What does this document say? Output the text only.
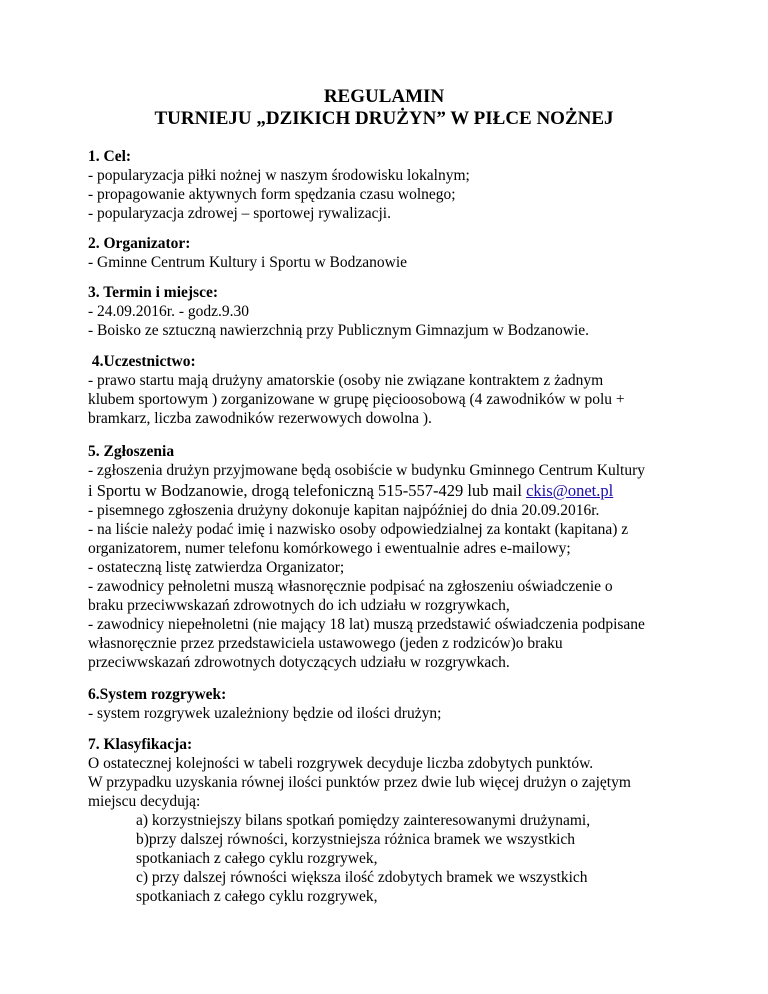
REGULAMIN
TURNIEJU „DZIKICH DRUŻYN” W PIŁCE NOŻNEJ
1. Cel:
- popularyzacja piłki nożnej w naszym środowisku lokalnym;
- propagowanie aktywnych form spędzania czasu wolnego;
- popularyzacja zdrowej – sportowej rywalizacji.
2. Organizator:
- Gminne Centrum Kultury i Sportu w Bodzanowie
3. Termin i miejsce:
- 24.09.2016r. - godz.9.30
- Boisko ze sztuczną nawierzchnią przy Publicznym Gimnazjum w Bodzanowie.
4.Uczestnictwo:
- prawo startu mają drużyny amatorskie (osoby nie związane kontraktem z żadnym
klubem sportowym ) zorganizowane w grupę pięcioosobową (4 zawodników w polu +
bramkarz, liczba zawodników rezerwowych dowolna ).
5. Zgłoszenia
- zgłoszenia drużyn przyjmowane będą osobiście w budynku Gminnego Centrum Kultury
i Sportu w Bodzanowie, drogą telefoniczną 515-557-429 lub mail ckis@onet.pl
- pisemnego zgłoszenia drużyny dokonuje kapitan najpóźniej do dnia 20.09.2016r.
- na liście należy podać imię i nazwisko osoby odpowiedzialnej za kontakt (kapitana) z
organizatorem, numer telefonu komórkowego i ewentualnie adres e-mailowy;
- ostateczną listę zatwierdza Organizator;
- zawodnicy pełnoletni muszą własnoręcznie podpisać na zgłoszeniu oświadczenie o
braku przeciwwskazań zdrowotnych do ich udziału w rozgrywkach,
- zawodnicy niepełnoletni (nie mający 18 lat) muszą przedstawić oświadczenia podpisane
własnoręcznie przez przedstawiciela ustawowego (jeden z rodziców)o braku
przeciwwskazań zdrowotnych dotyczących udziału w rozgrywkach.
6.System rozgrywek:
- system rozgrywek uzależniony będzie od ilości drużyn;
7. Klasyfikacja:
O ostatecznej kolejności w tabeli rozgrywek decyduje liczba zdobytych punktów.
W przypadku uzyskania równej ilości punktów przez dwie lub więcej drużyn o zajętym
miejscu decydują:
a) korzystniejszy bilans spotkań pomiędzy zainteresowanymi drużynami,
b)przy dalszej równości, korzystniejsza różnica bramek we wszystkich
spotkaniach z całego cyklu rozgrywek,
c) przy dalszej równości większa ilość zdobytych bramek we wszystkich
spotkaniach z całego cyklu rozgrywek,
